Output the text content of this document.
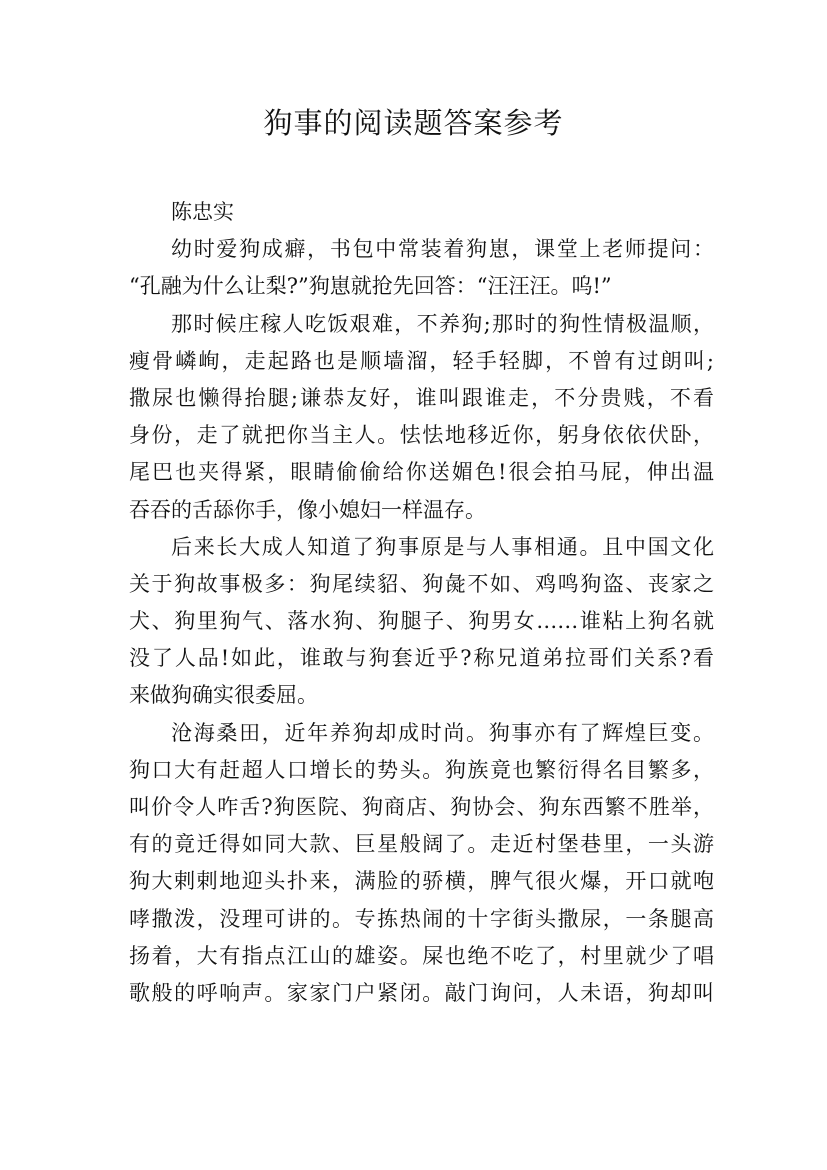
狗事的阅读题答案参考
陈忠实
幼时爱狗成癖，书包中常装着狗崽，课堂上老师提问：
“孔融为什么让梨?”狗崽就抢先回答：“汪汪汪。呜!”
那时候庄稼人吃饭艰难，不养狗;那时的狗性情极温顺，
瘦骨嶙峋，走起路也是顺墙溜，轻手轻脚，不曾有过朗叫;
撒尿也懒得抬腿;谦恭友好，谁叫跟谁走，不分贵贱，不看
身份，走了就把你当主人。怯怯地移近你，躬身依依伏卧，
尾巴也夹得紧，眼睛偷偷给你送媚色!很会拍马屁，伸出温
吞吞的舌舔你手，像小媳妇一样温存。
后来长大成人知道了狗事原是与人事相通。且中国文化
关于狗故事极多：狗尾续貂、狗彘不如、鸡鸣狗盗、丧家之
犬、狗里狗气、落水狗、狗腿子、狗男女……谁粘上狗名就
没了人品!如此，谁敢与狗套近乎?称兄道弟拉哥们关系?看
来做狗确实很委屈。
沧海桑田，近年养狗却成时尚。狗事亦有了辉煌巨变。
狗口大有赶超人口增长的势头。狗族竟也繁衍得名目繁多，
叫价令人咋舌?狗医院、狗商店、狗协会、狗东西繁不胜举，
有的竟迁得如同大款、巨星般阔了。走近村堡巷里，一头游
狗大剌剌地迎头扑来，满脸的骄横，脾气很火爆，开口就咆
哮撒泼，没理可讲的。专拣热闹的十字街头撒尿，一条腿高
扬着，大有指点江山的雄姿。屎也绝不吃了，村里就少了唱
歌般的呼响声。家家门户紧闭。敲门询问，人未语，狗却叫
